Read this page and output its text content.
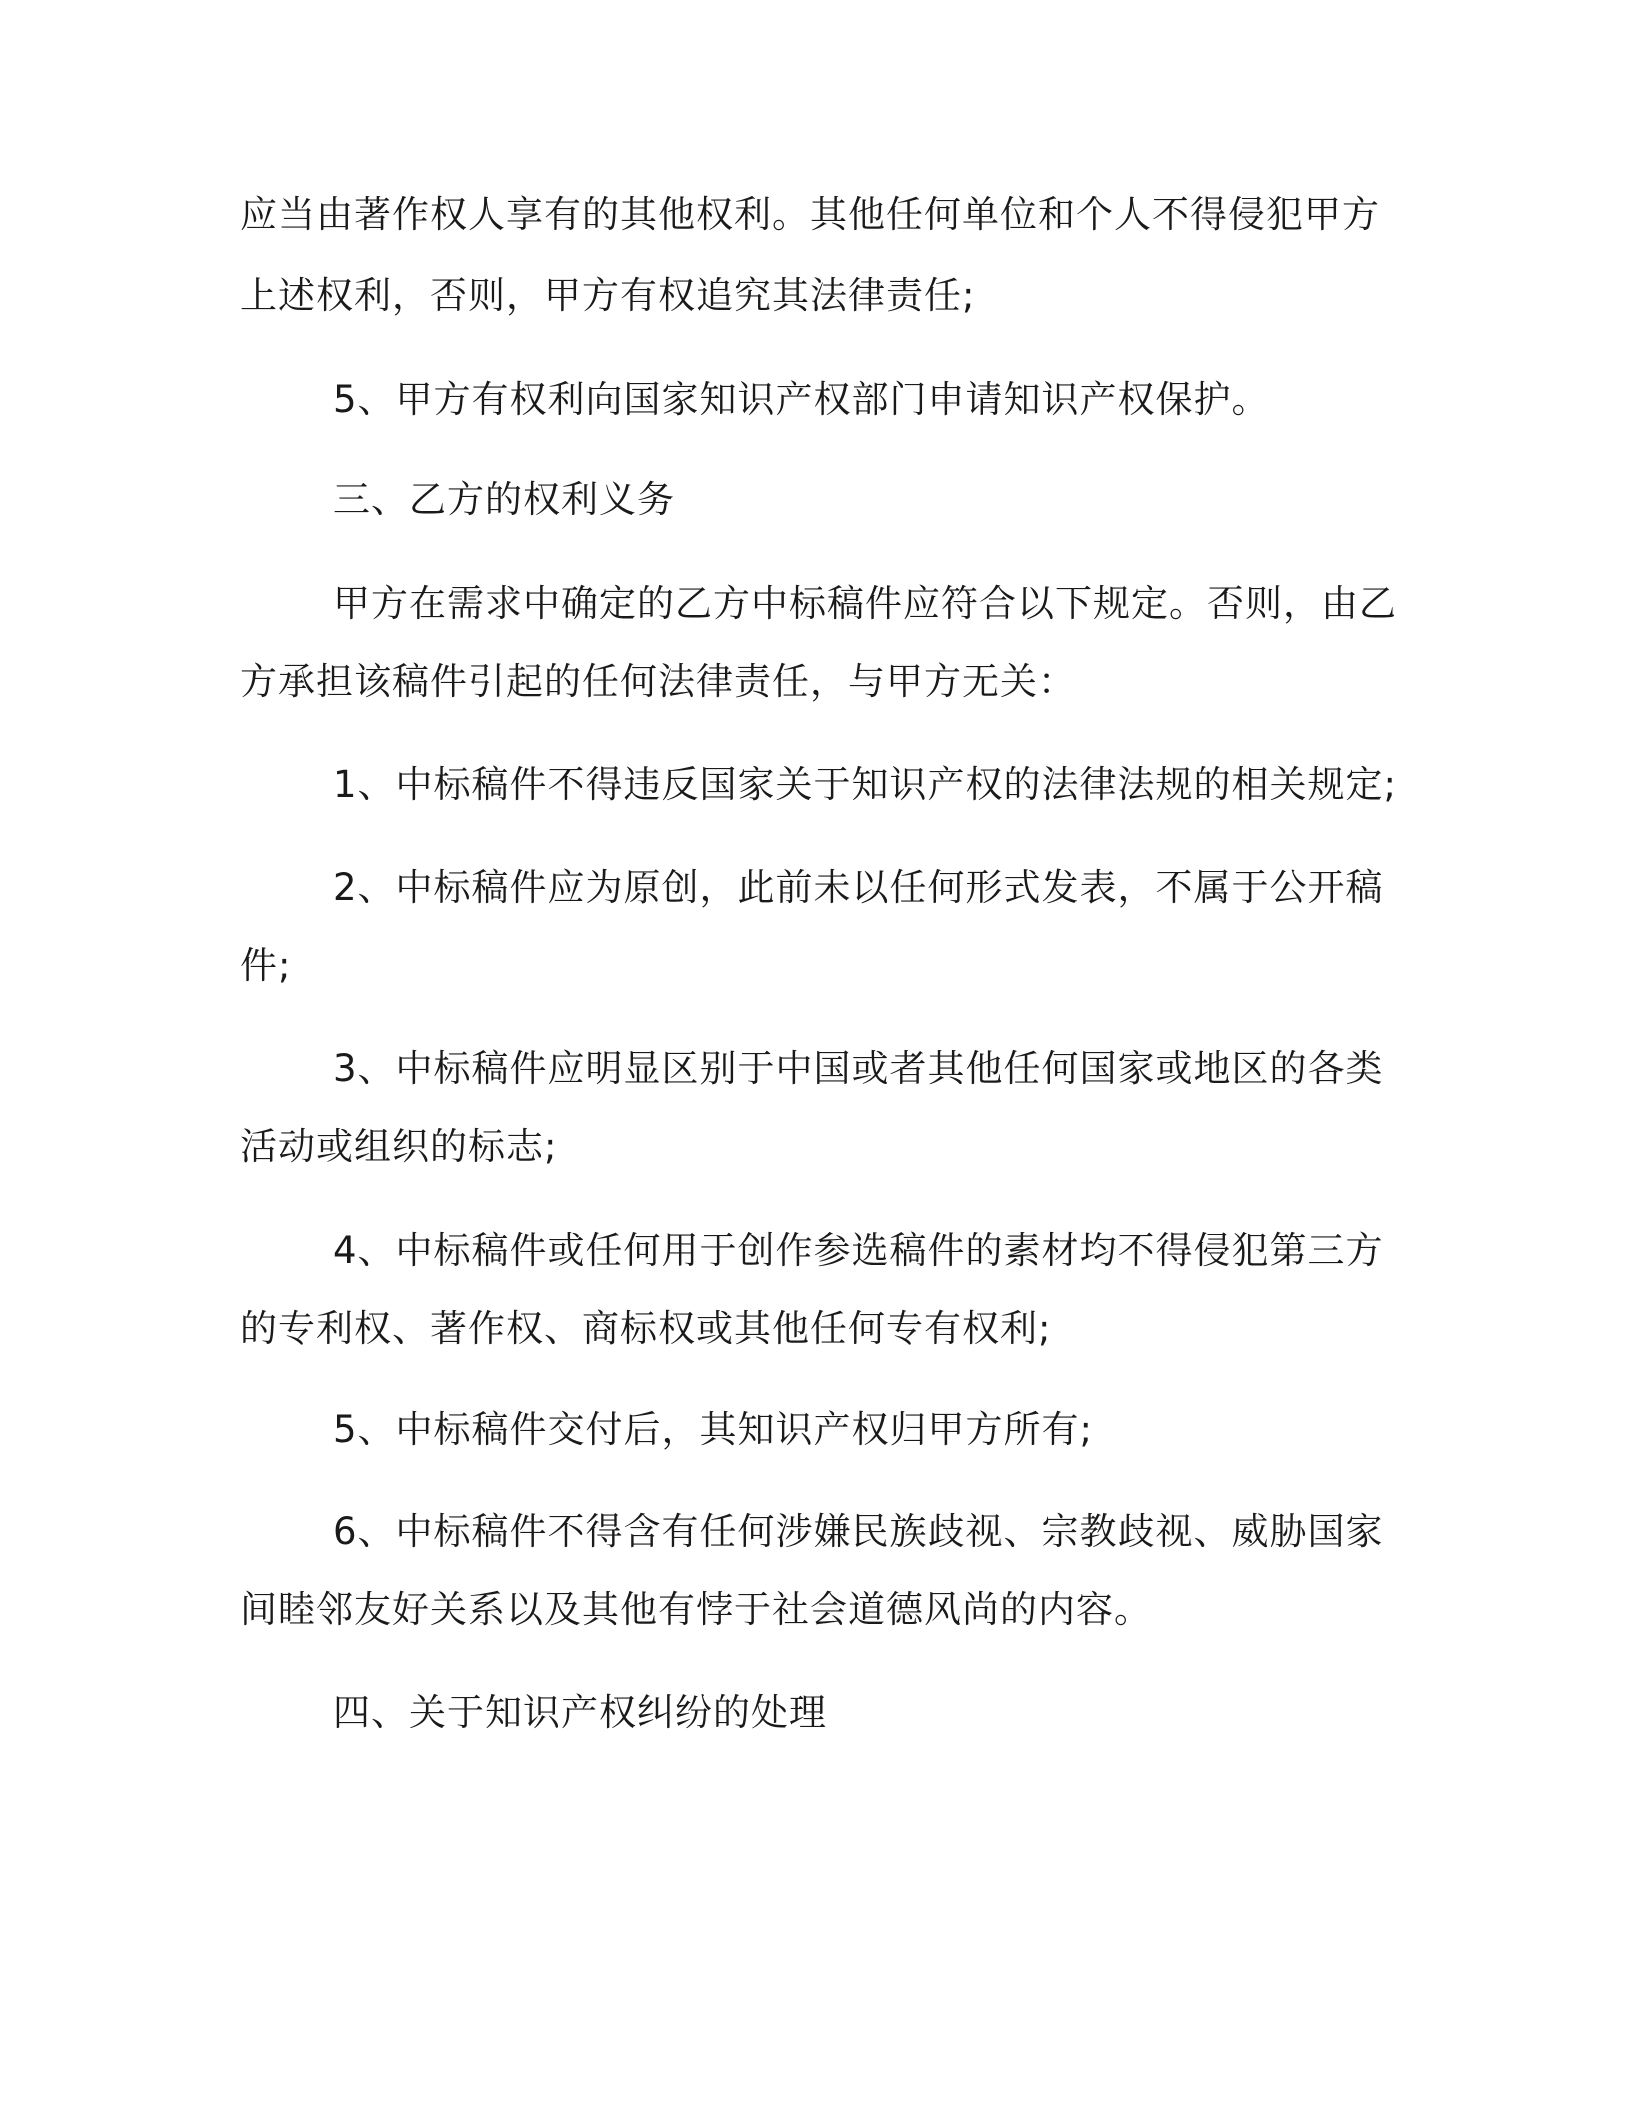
应当由著作权人享有的其他权利。其他任何单位和个人不得侵犯甲方

上述权利，否则，甲方有权追究其法律责任;

5、甲方有权利向国家知识产权部门申请知识产权保护。

三、乙方的权利义务

甲方在需求中确定的乙方中标稿件应符合以下规定。否则，由乙

方承担该稿件引起的任何法律责任，与甲方无关：

1、中标稿件不得违反国家关于知识产权的法律法规的相关规定;

2、中标稿件应为原创，此前未以任何形式发表，不属于公开稿

件;

3、中标稿件应明显区别于中国或者其他任何国家或地区的各类

活动或组织的标志;

4、中标稿件或任何用于创作参选稿件的素材均不得侵犯第三方

的专利权、著作权、商标权或其他任何专有权利;

5、中标稿件交付后，其知识产权归甲方所有;

6、中标稿件不得含有任何涉嫌民族歧视、宗教歧视、威胁国家

间睦邻友好关系以及其他有悖于社会道德风尚的内容。

四、关于知识产权纠纷的处理
